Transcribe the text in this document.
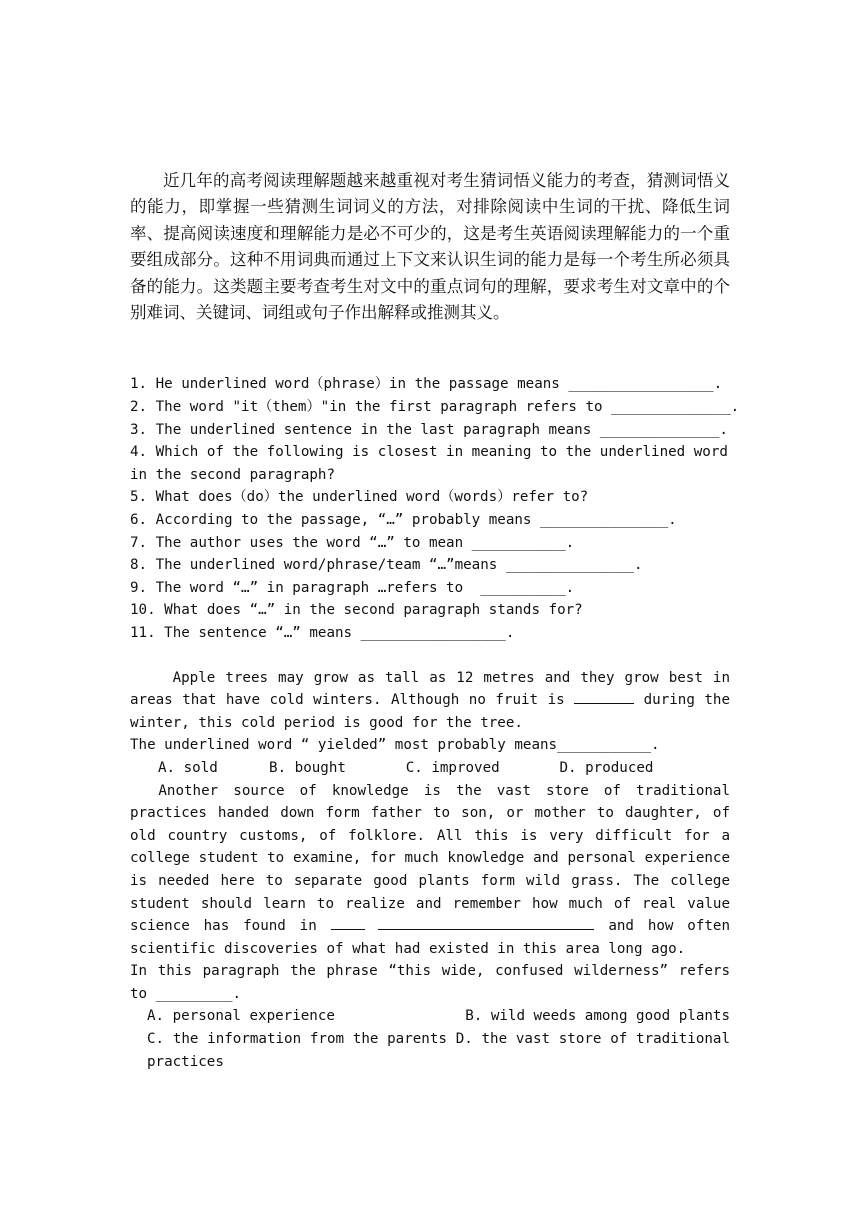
近几年的高考阅读理解题越来越重视对考生猜词悟义能力的考查，猜测词悟义的能力，即掌握一些猜测生词词义的方法，对排除阅读中生词的干扰、降低生词率、提高阅读速度和理解能力是必不可少的，这是考生英语阅读理解能力的一个重要组成部分。这种不用词典而通过上下文来认识生词的能力是每一个考生所必须具备的能力。这类题主要考查考生对文中的重点词句的理解，要求考生对文章中的个别难词、关键词、词组或句子作出解释或推测其义。

1. He underlined word（phrase）in the passage means _________________.
2. The word "it（them）"in the first paragraph refers to ______________.
3. The underlined sentence in the last paragraph means ______________.
4. Which of the following is closest in meaning to the underlined word in the second paragraph?
5. What does（do）the underlined word（words）refer to?
6. According to the passage, “…” probably means _______________.
7. The author uses the word “…” to mean ___________.
8. The underlined word/phrase/team “…”means _______________.
9. The word “…” in paragraph …refers to  __________.
10. What does “…” in the second paragraph stands for?
11. The sentence “…” means _________________.
Apple trees may grow as tall as 12 metres and they grow best in areas that have cold winters. Although no fruit is	during the winter, this cold period is good for the tree.
The underlined word “ yielded” most probably means___________.
A. sold	B. bought	C. improved	D. produced
Another source of knowledge is the vast store of traditional practices handed down form father to son, or mother to daughter, of old country customs, of folklore. All this is very difficult for a college student to examine, for much knowledge and personal experience is needed here to separate good plants form wild grass. The college student should learn to realize and remember how much of real value science has found in	and how often scientific discoveries of what had existed in this area long ago.
In this paragraph the phrase “this wide, confused wilderness” refers to _________.
A. personal experience	B. wild weeds among good plants
C. the information from the parents D. the vast store of traditional practices
